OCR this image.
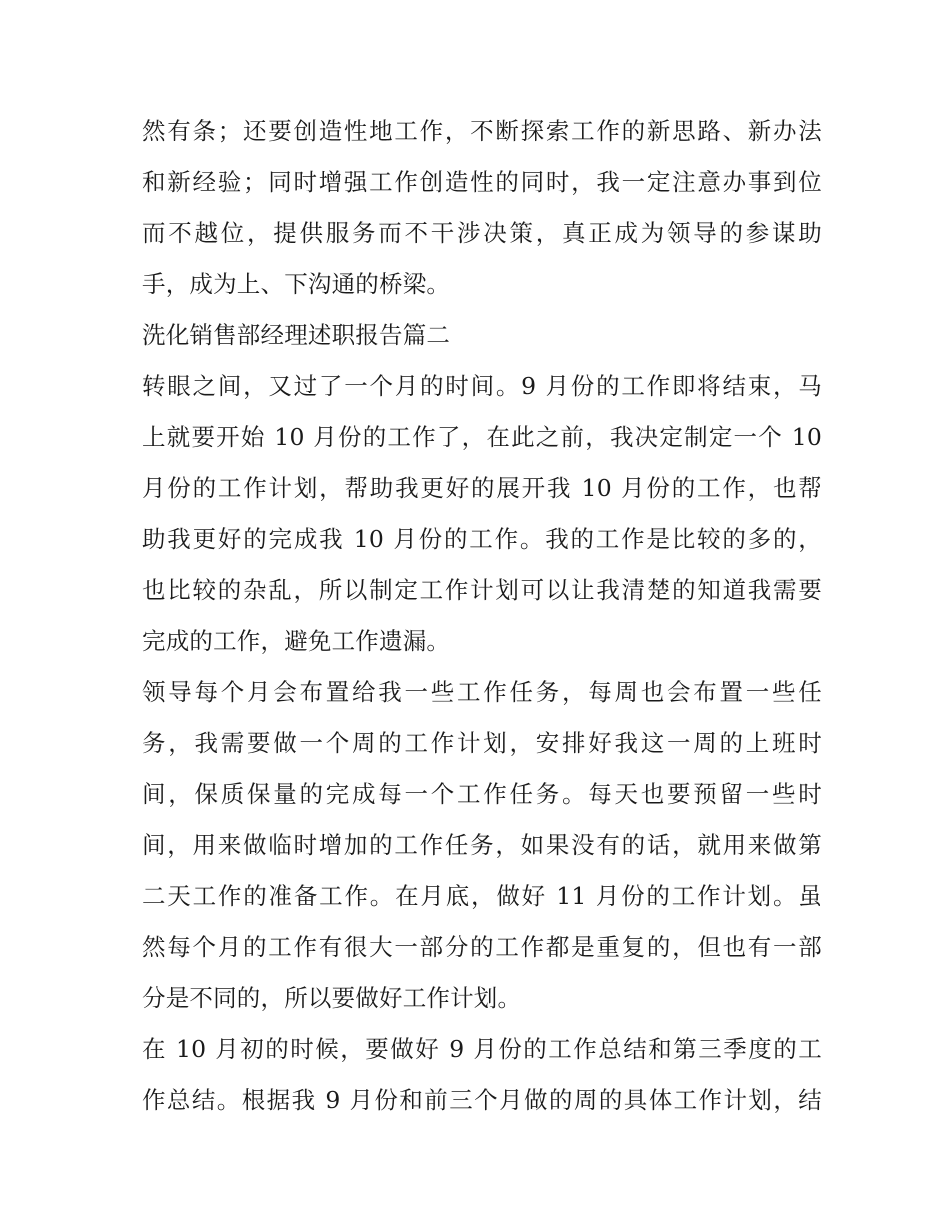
然有条；还要创造性地工作，不断探索工作的新思路、新办法
和新经验；同时增强工作创造性的同时，我一定注意办事到位
而不越位，提供服务而不干涉决策，真正成为领导的参谋助
手，成为上、下沟通的桥梁。
洗化销售部经理述职报告篇二
转眼之间，又过了一个月的时间。9 月份的工作即将结束，马
上就要开始 10 月份的工作了，在此之前，我决定制定一个 10
月份的工作计划，帮助我更好的展开我 10 月份的工作，也帮
助我更好的完成我 10 月份的工作。我的工作是比较的多的，
也比较的杂乱，所以制定工作计划可以让我清楚的知道我需要
完成的工作，避免工作遗漏。
领导每个月会布置给我一些工作任务，每周也会布置一些任
务，我需要做一个周的工作计划，安排好我这一周的上班时
间，保质保量的完成每一个工作任务。每天也要预留一些时
间，用来做临时增加的工作任务，如果没有的话，就用来做第
二天工作的准备工作。在月底，做好 11 月份的工作计划。虽
然每个月的工作有很大一部分的工作都是重复的，但也有一部
分是不同的，所以要做好工作计划。
在 10 月初的时候，要做好 9 月份的工作总结和第三季度的工
作总结。根据我 9 月份和前三个月做的周的具体工作计划，结
